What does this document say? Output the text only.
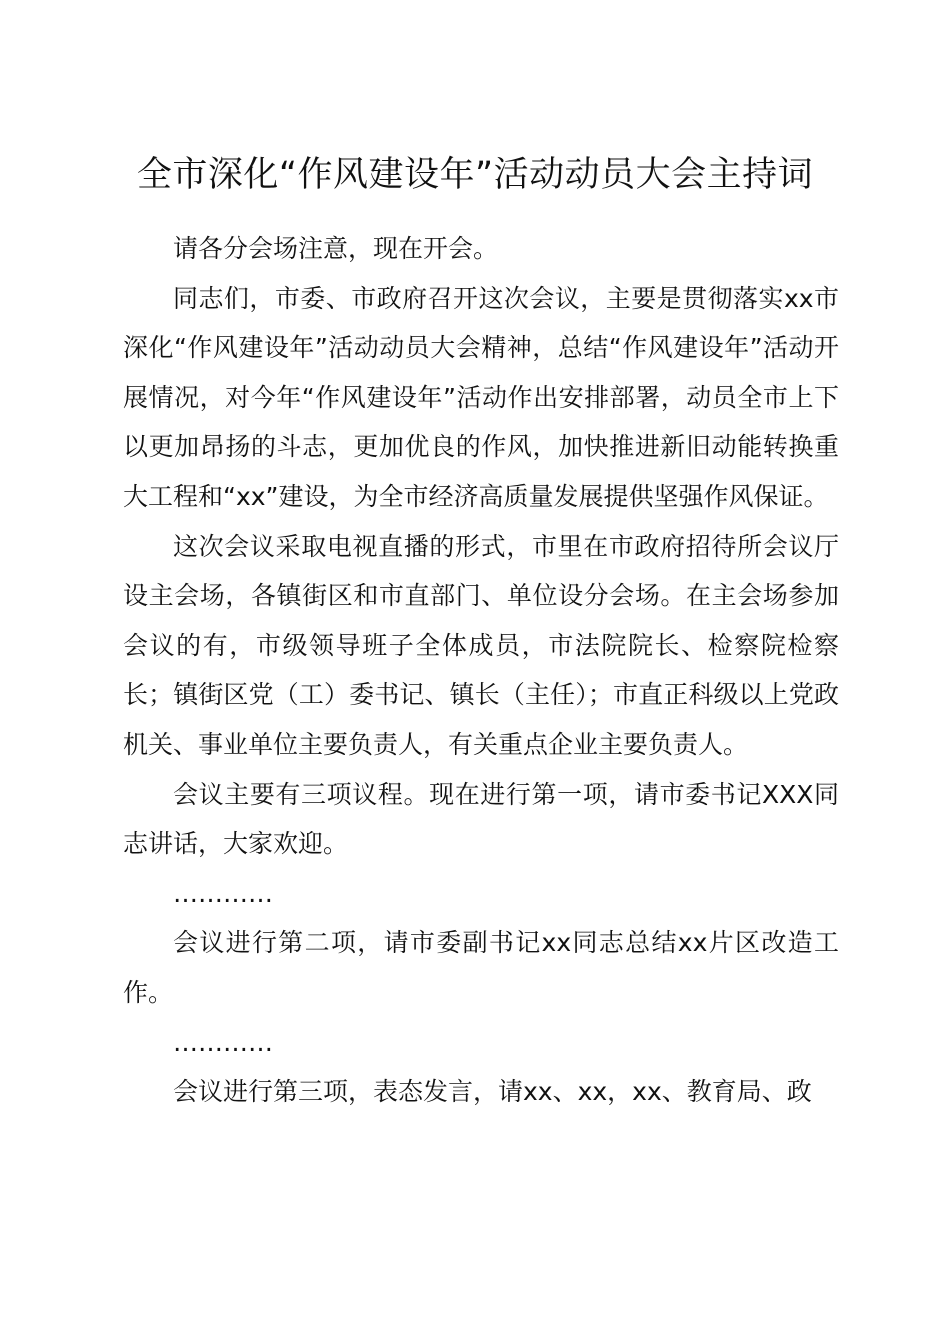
全市深化“作风建设年”活动动员大会主持词

请各分会场注意，现在开会。

同志们，市委、市政府召开这次会议，主要是贯彻落实xx市深化“作风建设年”活动动员大会精神，总结“作风建设年”活动开展情况，对今年“作风建设年”活动作出安排部署，动员全市上下以更加昂扬的斗志，更加优良的作风，加快推进新旧动能转换重大工程和“xx”建设，为全市经济高质量发展提供坚强作风保证。

这次会议采取电视直播的形式，市里在市政府招待所会议厅设主会场，各镇街区和市直部门、单位设分会场。在主会场参加会议的有，市级领导班子全体成员，市法院院长、检察院检察长；镇街区党（工）委书记、镇长（主任）；市直正科级以上党政机关、事业单位主要负责人，有关重点企业主要负责人。

会议主要有三项议程。现在进行第一项，请市委书记XXX同志讲话，大家欢迎。

…………

会议进行第二项，请市委副书记xx同志总结xx片区改造工作。

…………

会议进行第三项，表态发言，请xx、xx，xx、教育局、政
